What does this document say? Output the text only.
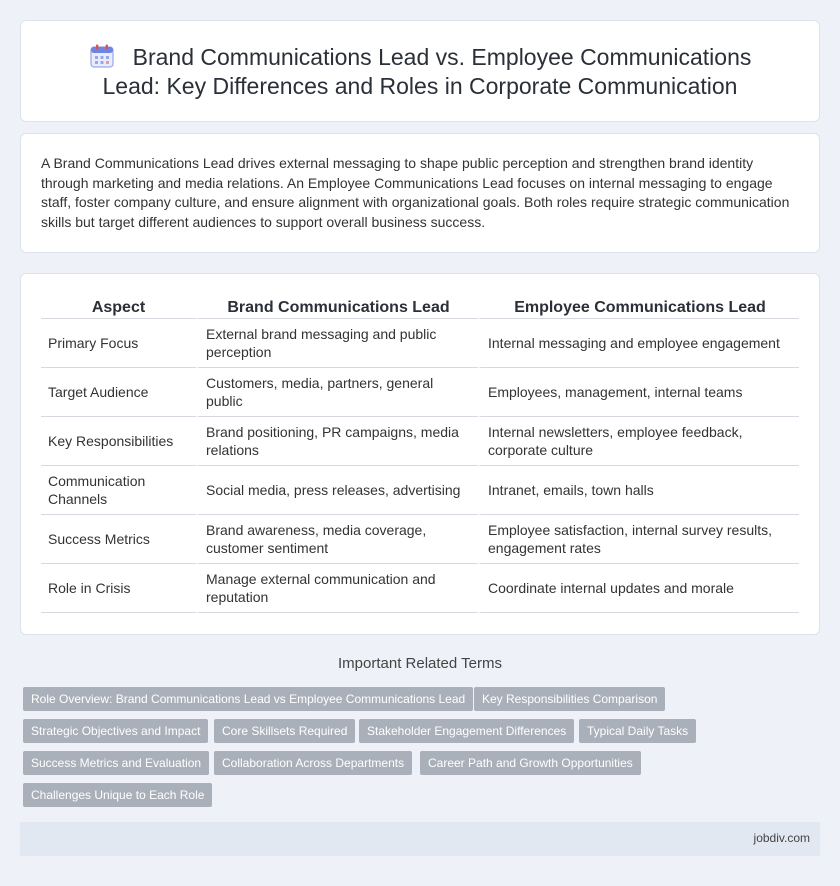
Brand Communications Lead vs. Employee Communications Lead: Key Differences and Roles in Corporate Communication

A Brand Communications Lead drives external messaging to shape public perception and strengthen brand identity through marketing and media relations. An Employee Communications Lead focuses on internal messaging to engage staff, foster company culture, and ensure alignment with organizational goals. Both roles require strategic communication skills but target different audiences to support overall business success.

Aspect	Brand Communications Lead	Employee Communications Lead
Primary Focus	External brand messaging and public perception	Internal messaging and employee engagement
Target Audience	Customers, media, partners, general public	Employees, management, internal teams
Key Responsibilities	Brand positioning, PR campaigns, media relations	Internal newsletters, employee feedback, corporate culture
Communication Channels	Social media, press releases, advertising	Intranet, emails, town halls
Success Metrics	Brand awareness, media coverage, customer sentiment	Employee satisfaction, internal survey results, engagement rates
Role in Crisis	Manage external communication and reputation	Coordinate internal updates and morale
Important Related Terms
Role Overview: Brand Communications Lead vs Employee Communications Lead	Key Responsibilities Comparison
Strategic Objectives and Impact	Core Skillsets Required	Stakeholder Engagement Differences	Typical Daily Tasks
Success Metrics and Evaluation	Collaboration Across Departments	Career Path and Growth Opportunities
Challenges Unique to Each Role
jobdiv.com
